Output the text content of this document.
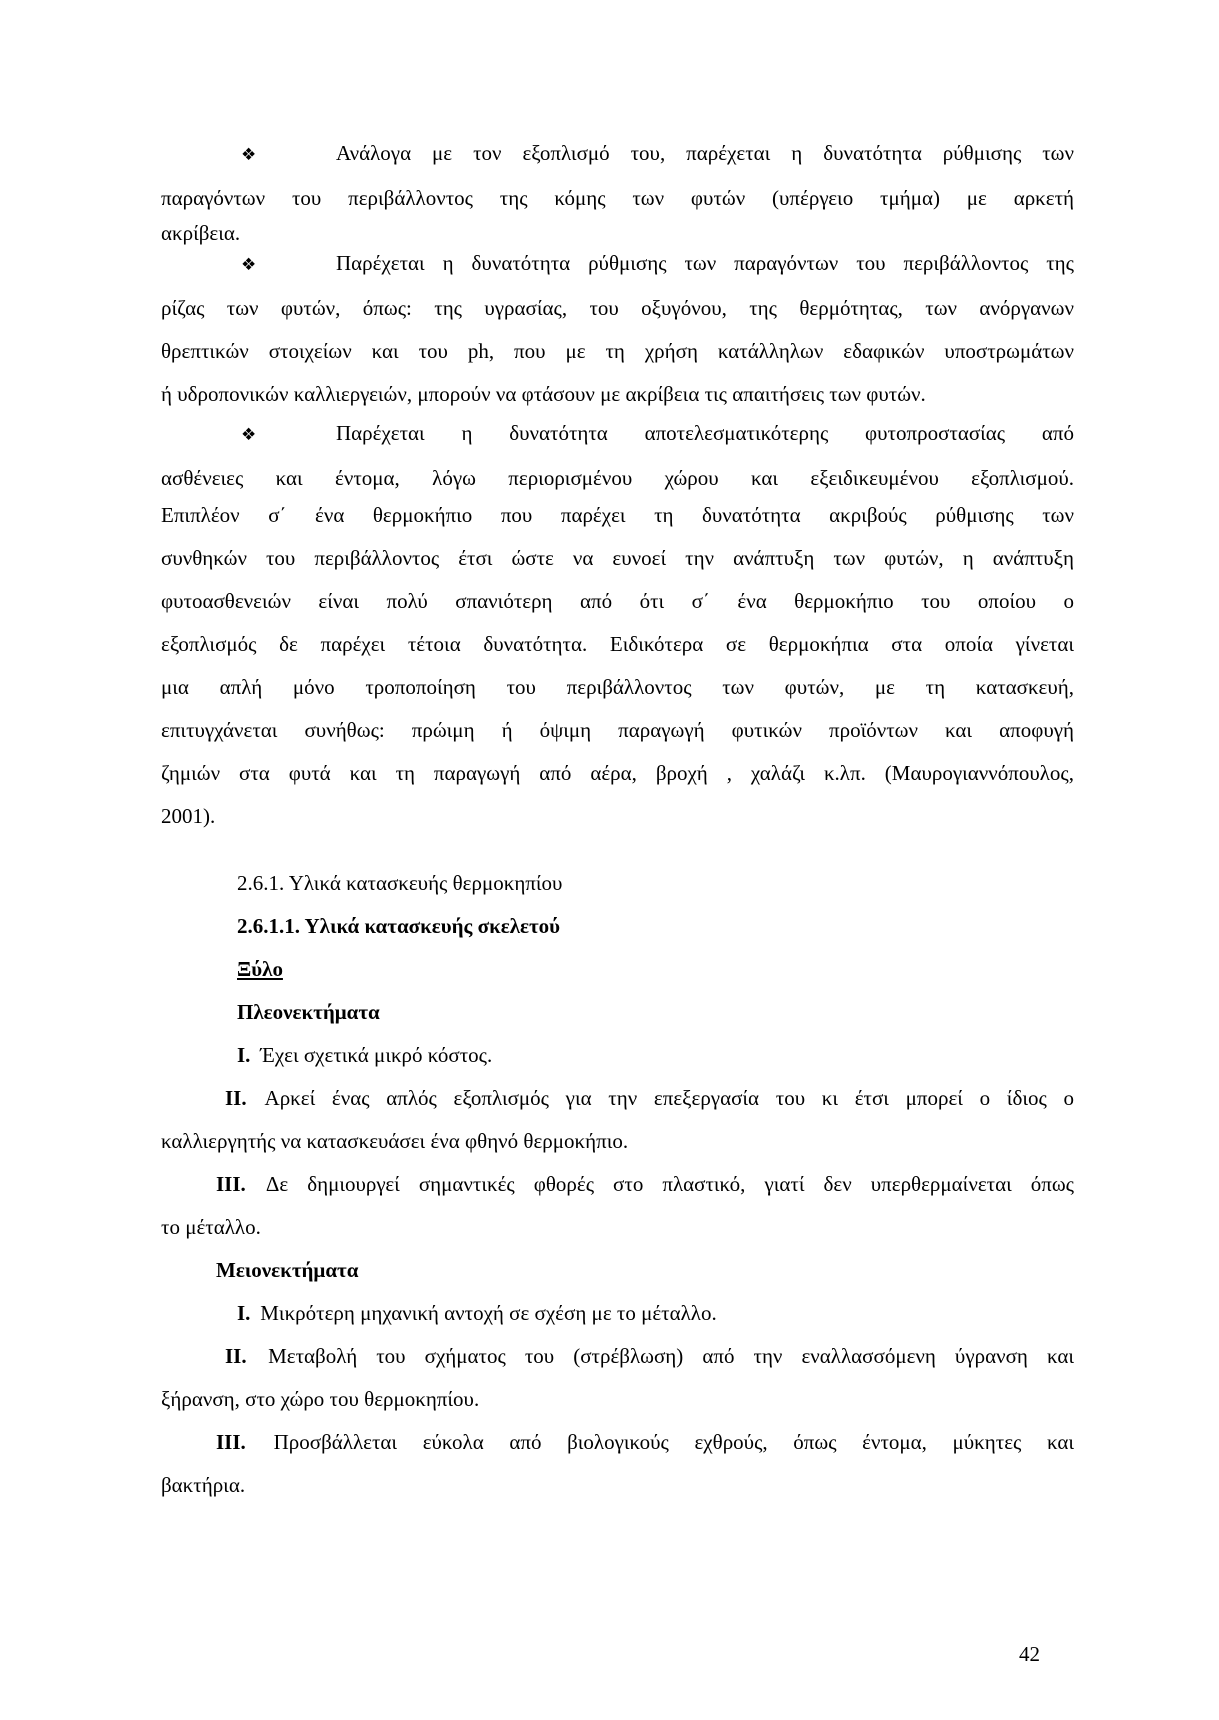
❖	Ανάλογα με τον εξοπλισμό του, παρέχεται η δυνατότητα ρύθμισης των

παραγόντων του περιβάλλοντος της κόμης των φυτών (υπέργειο τμήμα) με αρκετή

ακρίβεια.

❖	Παρέχεται η δυνατότητα ρύθμισης των παραγόντων του περιβάλλοντος της

ρίζας των φυτών, όπως: της υγρασίας, του οξυγόνου, της θερμότητας, των ανόργανων

θρεπτικών στοιχείων και του ph, που με τη χρήση κατάλληλων εδαφικών υποστρωμάτων

ή υδροπονικών καλλιεργειών, μπορούν να φτάσουν με ακρίβεια τις απαιτήσεις των φυτών.

❖	Παρέχεται η δυνατότητα αποτελεσματικότερης φυτοπροστασίας από

ασθένειες και έντομα, λόγω περιορισμένου χώρου και εξειδικευμένου εξοπλισμού.

Επιπλέον σ΄ ένα θερμοκήπιο που παρέχει τη δυνατότητα ακριβούς ρύθμισης των

συνθηκών του περιβάλλοντος έτσι ώστε να ευνοεί την ανάπτυξη των φυτών, η ανάπτυξη

φυτοασθενειών είναι πολύ σπανιότερη από ότι σ΄ ένα θερμοκήπιο του οποίου ο

εξοπλισμός δε παρέχει τέτοια δυνατότητα. Ειδικότερα σε θερμοκήπια στα οποία γίνεται

μια απλή μόνο τροποποίηση του περιβάλλοντος των φυτών, με τη κατασκευή,

επιτυγχάνεται συνήθως: πρώιμη ή όψιμη παραγωγή φυτικών προϊόντων και αποφυγή

ζημιών στα φυτά και τη παραγωγή από αέρα, βροχή , χαλάζι κ.λπ. (Μαυρογιαννόπουλος,

2001).

2.6.1. Υλικά κατασκευής θερμοκηπίου

2.6.1.1. Υλικά κατασκευής σκελετού

Ξύλο

Πλεονεκτήματα

I. Έχει σχετικά μικρό κόστος.

II. Αρκεί ένας απλός εξοπλισμός για την επεξεργασία του κι έτσι μπορεί ο ίδιος ο

καλλιεργητής να κατασκευάσει ένα φθηνό θερμοκήπιο.

III. Δε δημιουργεί σημαντικές φθορές στο πλαστικό, γιατί δεν υπερθερμαίνεται όπως

το μέταλλο.

Μειονεκτήματα

I. Μικρότερη μηχανική αντοχή σε σχέση με το μέταλλο.

II. Μεταβολή του σχήματος του (στρέβλωση) από την εναλλασσόμενη ύγρανση και

ξήρανση, στο χώρο του θερμοκηπίου.

III. Προσβάλλεται εύκολα από βιολογικούς εχθρούς, όπως έντομα, μύκητες και

βακτήρια.

42
